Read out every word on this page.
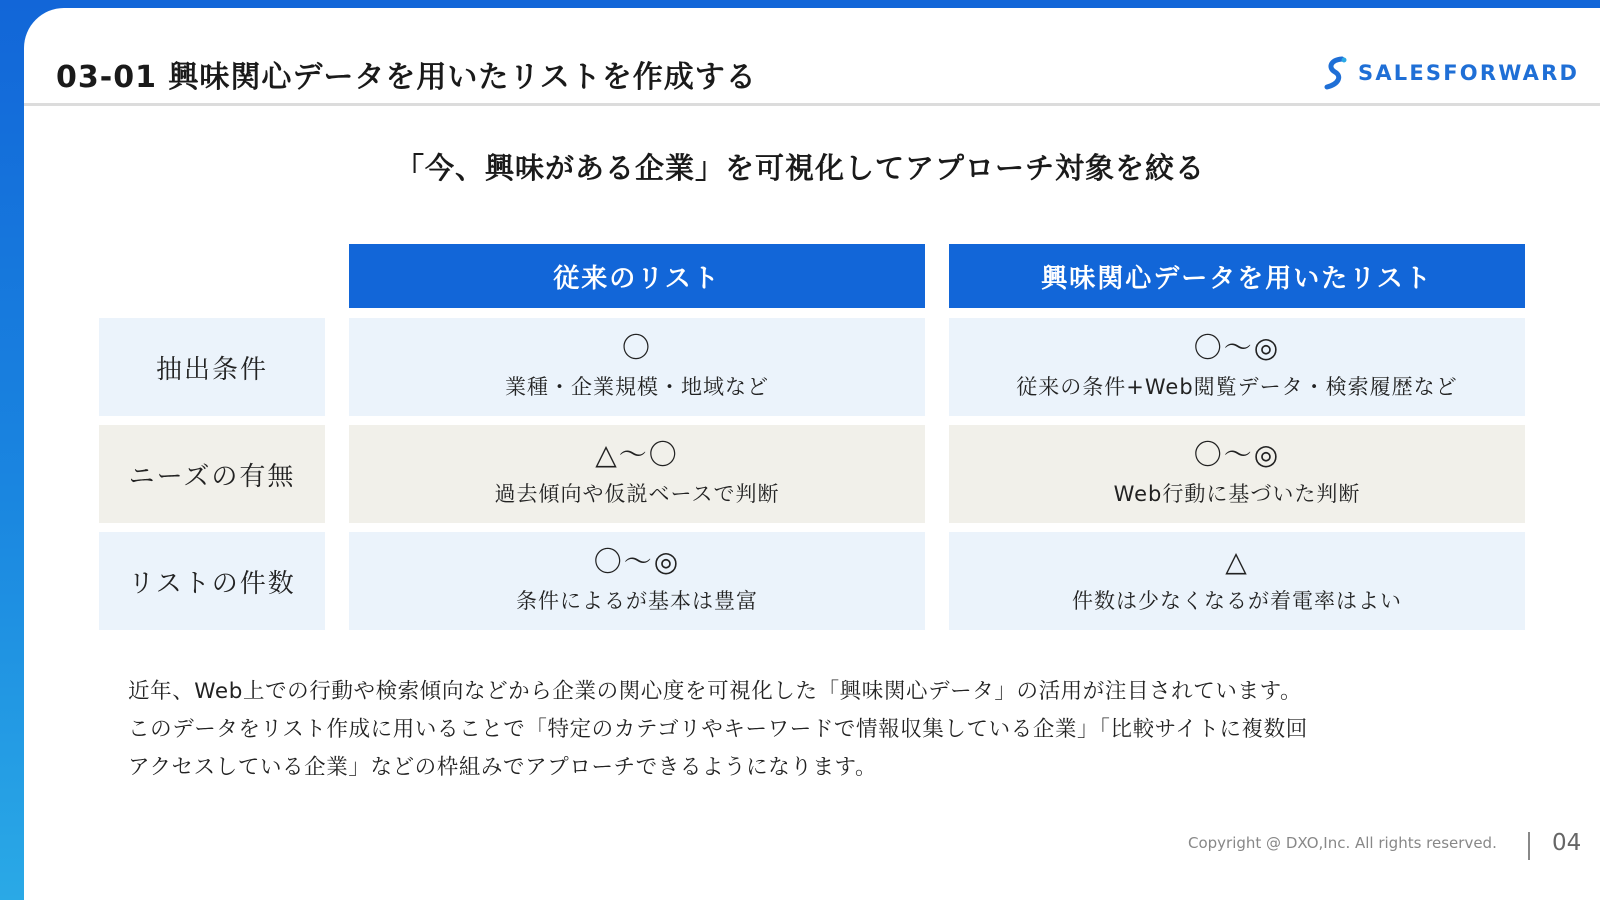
03-01 興味関心データを用いたリストを作成する	SALESFORWARD
「今、興味がある企業」を可視化してアプローチ対象を絞る
従来のリスト	興味関心データを用いたリスト
抽出条件
〇
業種・企業規模・地域など
〇～◎
従来の条件+Web閲覧データ・検索履歴など
ニーズの有無
△～〇
過去傾向や仮説ベースで判断
〇～◎
Web行動に基づいた判断
リストの件数
〇～◎
条件によるが基本は豊富
△
件数は少なくなるが着電率はよい
近年、Web上での行動や検索傾向などから企業の関心度を可視化した「興味関心データ」の活用が注目されています。
このデータをリスト作成に用いることで「特定のカテゴリやキーワードで情報収集している企業」「比較サイトに複数回
アクセスしている企業」などの枠組みでアプローチできるようになります。
Copyright @ DXO,Inc. All rights reserved. 04
